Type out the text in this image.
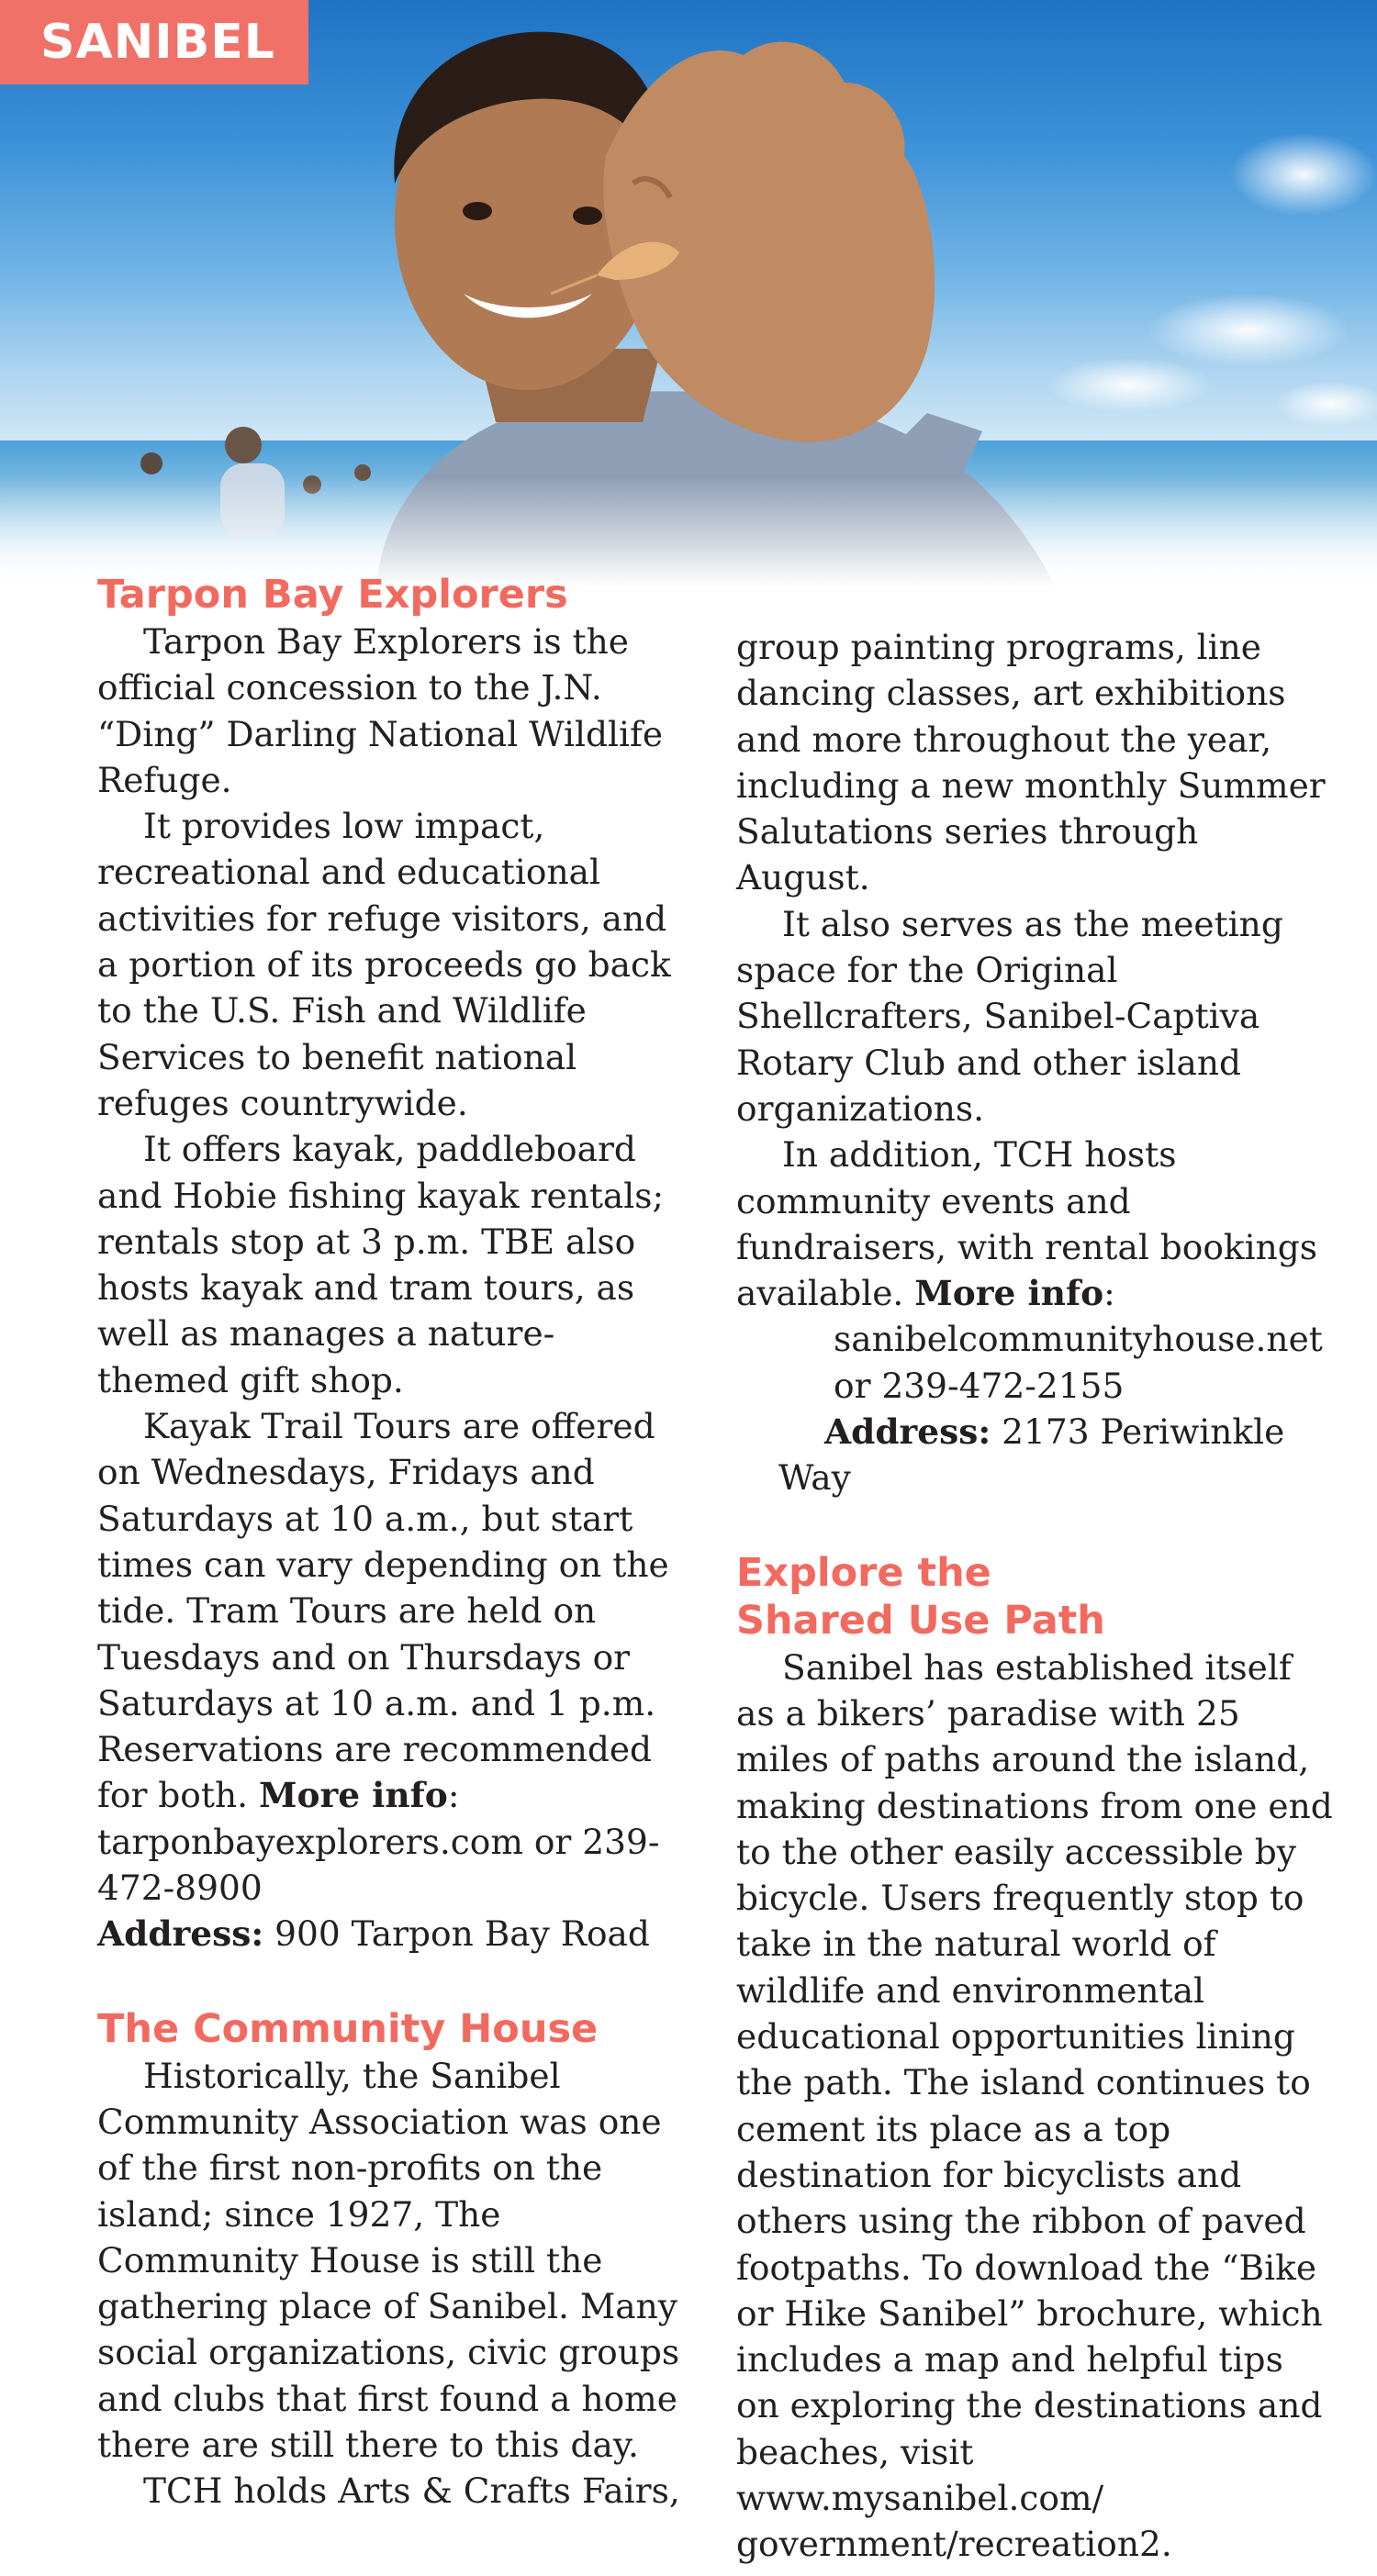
SANIBEL
Tarpon Bay Explorers

Tarpon Bay Explorers is the official concession to the J.N. “Ding” Darling National Wildlife Refuge.

It provides low impact, recreational and educational activities for refuge visitors, and a portion of its proceeds go back to the U.S. Fish and Wildlife Services to benefit national refuges countrywide.

It offers kayak, paddleboard and Hobie fishing kayak rentals; rentals stop at 3 p.m. TBE also hosts kayak and tram tours, as well as manages a nature-themed gift shop.

Kayak Trail Tours are offered on Wednesdays, Fridays and Saturdays at 10 a.m., but start times can vary depending on the tide. Tram Tours are held on Tuesdays and on Thursdays or Saturdays at 10 a.m. and 1 p.m. Reservations are recommended for both. More info: tarponbayexplorers.com or 239-472-8900

Address: 900 Tarpon Bay Road

The Community House

Historically, the Sanibel Community Association was one of the first non-profits on the island; since 1927, The Community House is still the gathering place of Sanibel. Many social organizations, civic groups and clubs that first found a home there are still there to this day.

TCH holds Arts & Crafts Fairs,

group painting programs, line dancing classes, art exhibitions and more throughout the year, including a new monthly Summer Salutations series through August.

It also serves as the meeting space for the Original Shellcrafters, Sanibel-Captiva Rotary Club and other island organizations.

In addition, TCH hosts community events and fundraisers, with rental bookings available. More info:

sanibelcommunityhouse.net

or 239-472-2155

Address: 2173 Periwinkle Way

Explore the
Shared Use Path

Sanibel has established itself as a bikers’ paradise with 25 miles of paths around the island, making destinations from one end to the other easily accessible by bicycle. Users frequently stop to take in the natural world of wildlife and environmental educational opportunities lining the path. The island continues to cement its place as a top destination for bicyclists and others using the ribbon of paved footpaths. To download the “Bike or Hike Sanibel” brochure, which includes a map and helpful tips on exploring the destinations and beaches, visit www.mysanibel.com/ government/recreation2.
